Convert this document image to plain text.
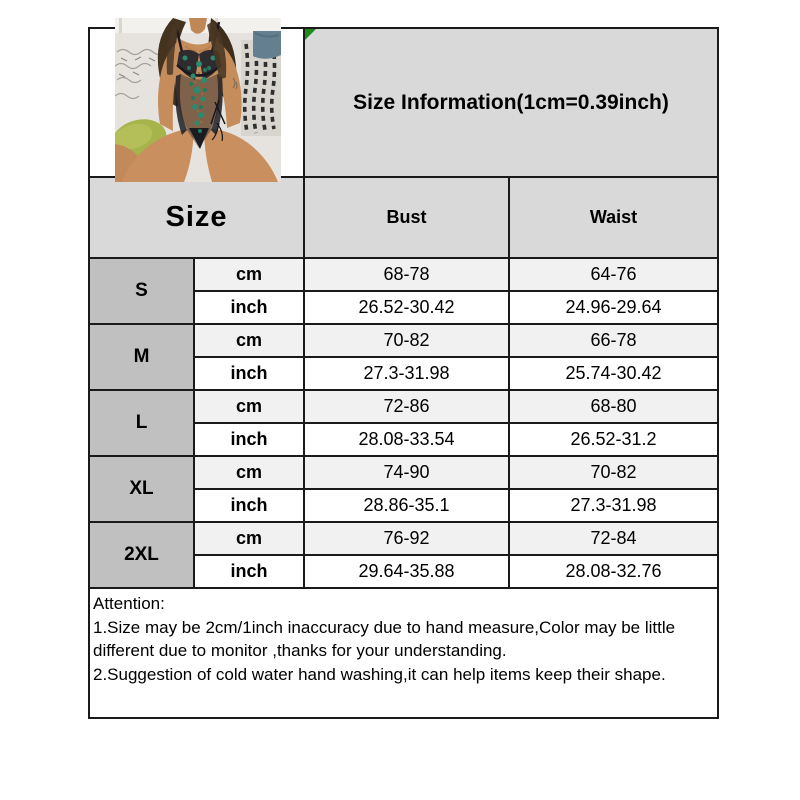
Size Information(1cm=0.39inch)	
Size		Bust	Waist
S	cm	68-78	64-76
	inch	26.52-30.42	24.96-29.64
M	cm	70-82	66-78
	inch	27.3-31.98	25.74-30.42
L	cm	72-86	68-80
	inch	28.08-33.54	26.52-31.2
XL	cm	74-90	70-82
	inch	28.86-35.1	27.3-31.98
2XL	cm	76-92	72-84
	inch	29.64-35.88	28.08-32.76

Attention:
1.Size may be 2cm/1inch inaccuracy due to hand measure,Color may be little
different due to monitor ,thanks for your understanding.
2.Suggestion of cold water hand washing,it can help items keep their shape.			
